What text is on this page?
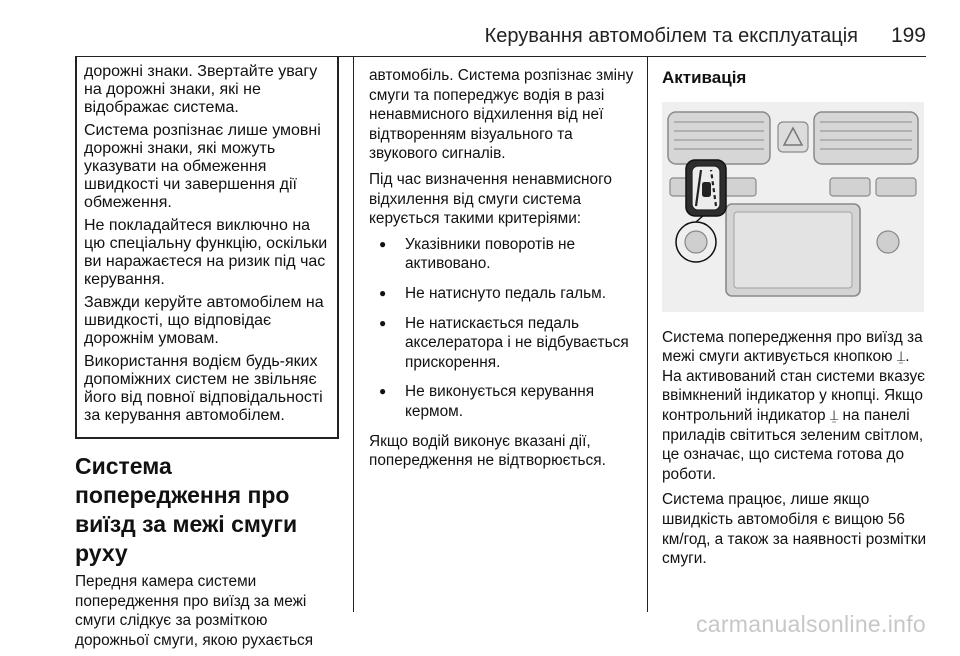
Керування автомобілем та експлуатація 199

дорожні знаки. Звертайте увагу на дорожні знаки, які не відображає система.

Система розпізнає лише умовні дорожні знаки, які можуть указувати на обмеження швидкості чи завершення дії обмеження.

Не покладайтеся виключно на цю спеціальну функцію, оскільки ви наражаєтеся на ризик під час керування.

Завжди керуйте автомобілем на швидкості, що відповідає дорожнім умовам.

Використання водієм будь-яких допоміжних систем не звільняє його від повної відповідальності за керування автомобілем.

Система попередження про виїзд за межі смуги руху

Передня камера системи попередження про виїзд за межі смуги слідкує за розміткою дорожньої смуги, якою рухається

автомобіль. Система розпізнає зміну смуги та попереджує водія в разі ненавмисного відхилення від неї відтворенням візуального та звукового сигналів.

Під час визначення ненавмисного відхилення від смуги система керується такими критеріями:

● Указівники поворотів не активовано.
● Не натиснуто педаль гальм.
● Не натискається педаль акселератора і не відбувається прискорення.
● Не виконується керування кермом.

Якщо водій виконує вказані дії, попередження не відтворюється.

Активація

Система попередження про виїзд за межі смуги активується кнопкою ⍊. На активований стан системи вказує ввімкнений індикатор у кнопці. Якщо контрольний індикатор ⍊ на панелі приладів світиться зеленим світлом, це означає, що система готова до роботи.

Система працює, лише якщо швидкість автомобіля є вищою 56 км/год, а також за наявності розмітки смуги.

carmanualsonline.info
